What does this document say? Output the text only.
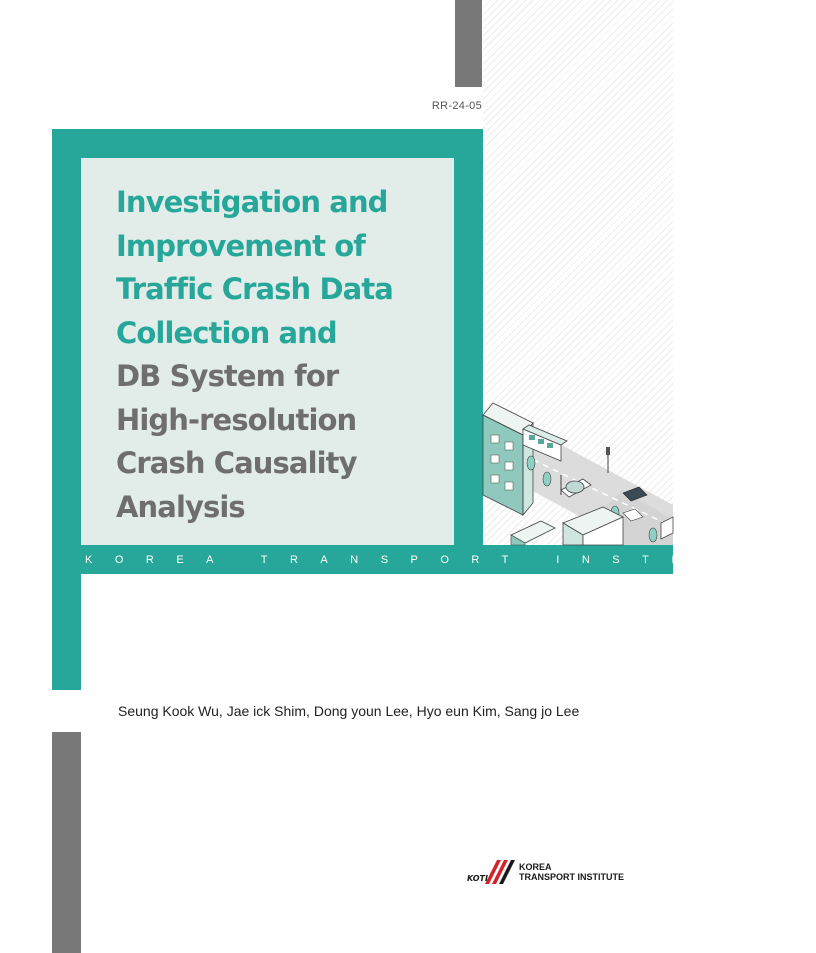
RR-24-05
KOREA TRANSPORT INSTITUTE
Investigation and
Improvement of
Traffic Crash Data
Collection and
DB System for
High-resolution
Crash Causality
Analysis
Seung Kook Wu, Jae ick Shim, Dong youn Lee, Hyo eun Kim, Sang jo Lee
KOTI
KOREA
TRANSPORT INSTITUTE
